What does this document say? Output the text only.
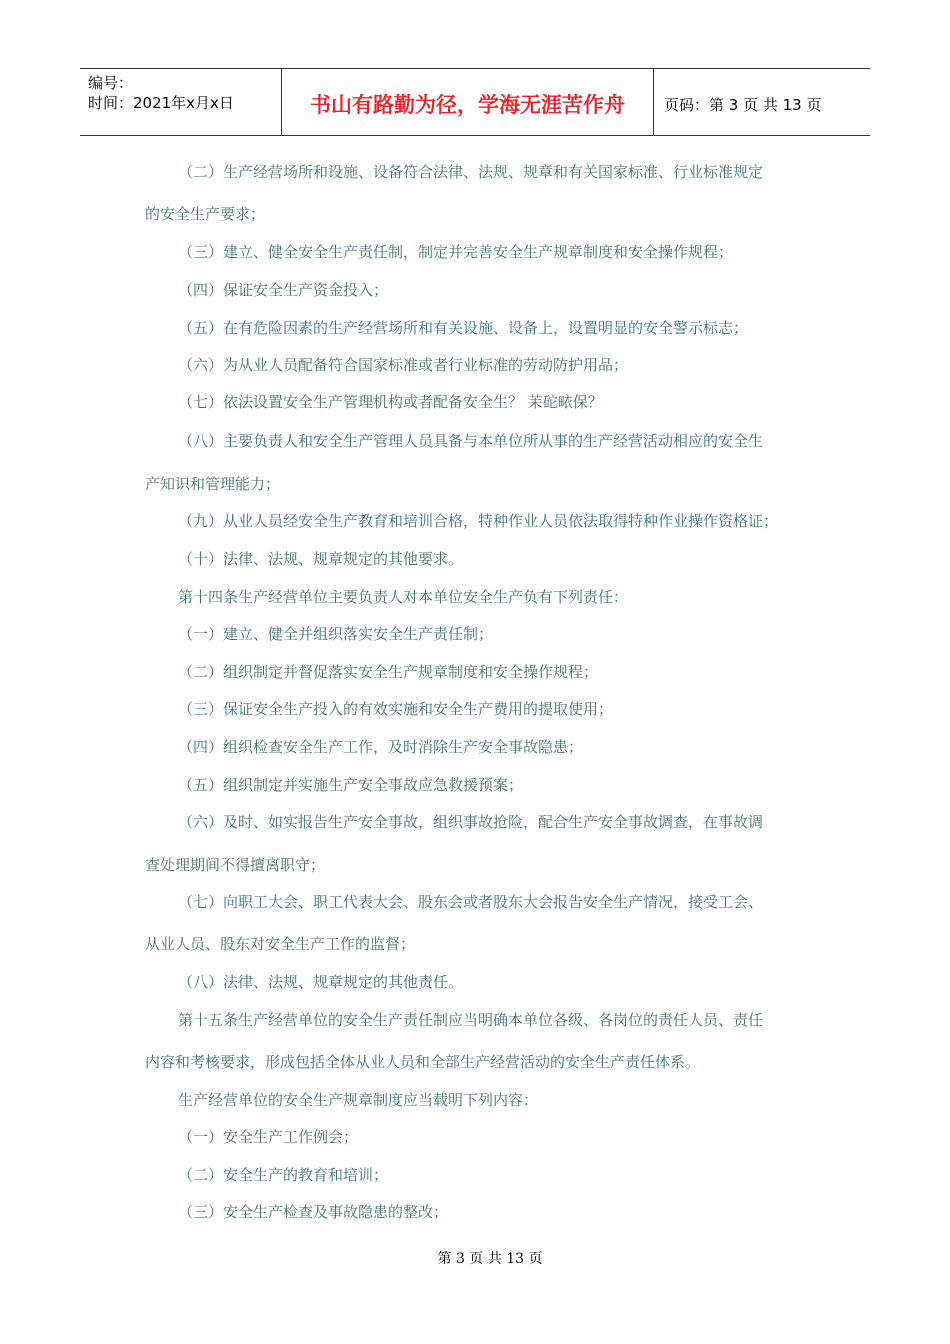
编号：
时间：2021年x月x日	书山有路勤为径，学海无涯苦作舟	页码：第 3 页 共 13 页
（二）生产经营场所和设施、设备符合法律、法规、规章和有关国家标准、行业标准规定
的安全生产要求；
（三）建立、健全安全生产责任制，制定并完善安全生产规章制度和安全操作规程；
（四）保证安全生产资金投入；
（五）在有危险因素的生产经营场所和有关设施、设备上，设置明显的安全警示标志；
（六）为从业人员配备符合国家标准或者行业标准的劳动防护用品；
（七）依法设置安全生产管理机构或者配备安全生？ 苿砣畩保？
（八）主要负责人和安全生产管理人员具备与本单位所从事的生产经营活动相应的安全生
产知识和管理能力；
（九）从业人员经安全生产教育和培训合格，特种作业人员依法取得特种作业操作资格证；
（十）法律、法规、规章规定的其他要求。
第十四条生产经营单位主要负责人对本单位安全生产负有下列责任：
（一）建立、健全并组织落实安全生产责任制；
（二）组织制定并督促落实安全生产规章制度和安全操作规程；
（三）保证安全生产投入的有效实施和安全生产费用的提取使用；
（四）组织检查安全生产工作，及时消除生产安全事故隐患；
（五）组织制定并实施生产安全事故应急救援预案；
（六）及时、如实报告生产安全事故，组织事故抢险，配合生产安全事故调查，在事故调
查处理期间不得擅离职守；
（七）向职工大会、职工代表大会、股东会或者股东大会报告安全生产情况，接受工会、
从业人员、股东对安全生产工作的监督；
（八）法律、法规、规章规定的其他责任。
第十五条生产经营单位的安全生产责任制应当明确本单位各级、各岗位的责任人员、责任
内容和考核要求，形成包括全体从业人员和全部生产经营活动的安全生产责任体系。
生产经营单位的安全生产规章制度应当载明下列内容：
（一）安全生产工作例会；
（二）安全生产的教育和培训；
（三）安全生产检查及事故隐患的整改；
第 3 页 共 13 页
